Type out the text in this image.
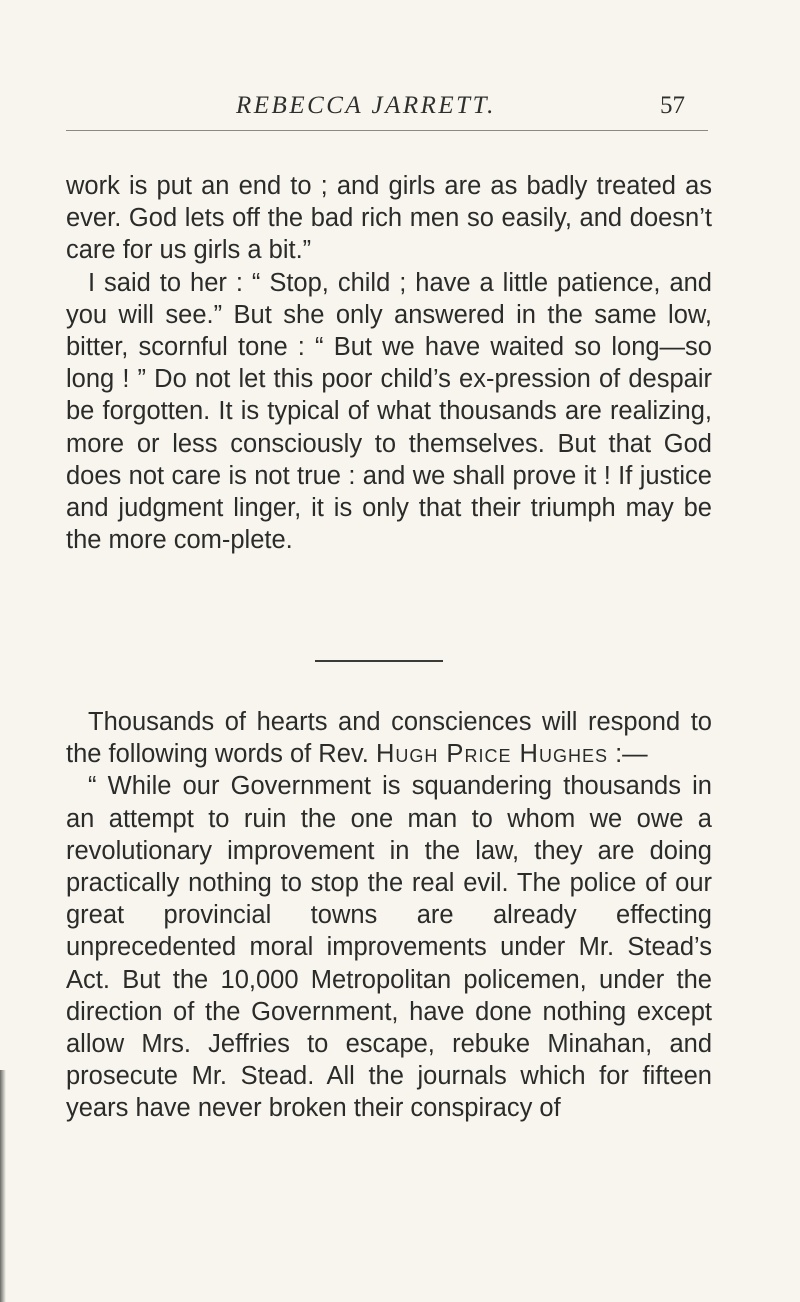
REBECCA JARRETT.	57

work is put an end to ; and girls are as badly treated as ever. God lets off the bad rich men so easily, and doesn’t care for us girls a bit.”

I said to her : “ Stop, child ; have a little patience, and you will see.” But she only answered in the same low, bitter, scornful tone : “ But we have waited so long—so long ! ” Do not let this poor child’s ex-pression of despair be forgotten. It is typical of what thousands are realizing, more or less consciously to themselves. But that God does not care is not true : and we shall prove it ! If justice and judgment linger, it is only that their triumph may be the more com-plete.

Thousands of hearts and consciences will respond to the following words of Rev. Hugh Price Hughes :—

“ While our Government is squandering thousands in an attempt to ruin the one man to whom we owe a revolutionary improvement in the law, they are doing practically nothing to stop the real evil. The police of our great provincial towns are already effecting unprecedented moral improvements under Mr. Stead’s Act. But the 10,000 Metropolitan policemen, under the direction of the Government, have done nothing except allow Mrs. Jeffries to escape, rebuke Minahan, and prosecute Mr. Stead. All the journals which for fifteen years have never broken their conspiracy of
